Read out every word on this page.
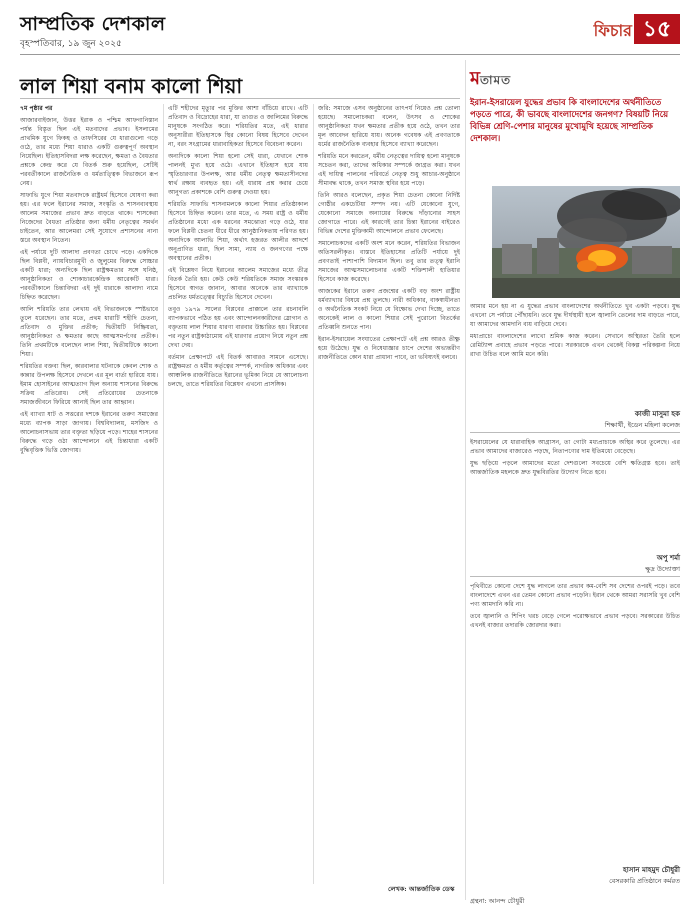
সাম্প্রতিক দেশকাল
বৃহস্পতিবার, ১৯ জুন ২০২৫
ফিচার ১৫
লাল শিয়া বনাম কালো শিয়া

৭ম পৃষ্ঠার পর

আজারবাইজান, উত্তর ইরাক ও পশ্চিম আফগানিস্তান পর্যন্ত বিস্তৃত ছিল এই মতবাদের প্রভাব। ইসলামের প্রাথমিক যুগে ফিকহ ও তাফসিরের যে ধারাগুলো গড়ে ওঠে, তার মধ্যে শিয়া ধারাও একটি গুরুত্বপূর্ণ অবস্থান নিয়েছিল। ইতিহাসবিদরা লক্ষ করেছেন, ক্ষমতা ও বৈধতার প্রশ্নকে কেন্দ্র করে যে বিতর্ক শুরু হয়েছিল, সেটিই পরবর্তীকালে রাজনৈতিক ও ধর্মতাত্ত্বিক বিভাজনে রূপ নেয়।

সাফাভি যুগে শিয়া মতবাদকে রাষ্ট্রধর্ম হিসেবে ঘোষণা করা হয়। এর ফলে ইরানের সমাজ, সংস্কৃতি ও শাসনব্যবস্থায় আলেম সমাজের প্রভাব দ্রুত বাড়তে থাকে। শাসকেরা নিজেদের বৈধতা প্রতিষ্ঠার জন্য ধর্মীয় নেতৃত্বের সমর্থন চাইতেন, আর আলেমরা সেই সুযোগে প্রশাসনের নানা স্তরে অবস্থান নিতেন।

এই পর্যায়ে দুটি আলাদা প্রবণতা চোখে পড়ে। একদিকে ছিল বিপ্লবী, ন্যায়বিচারমুখী ও জুলুমের বিরুদ্ধে সোচ্চার একটি ধারা; অন্যদিকে ছিল রাষ্ট্রক্ষমতার সঙ্গে ঘনিষ্ঠ, আনুষ্ঠানিকতা ও শোকাচারকেন্দ্রিক আরেকটি ধারা। পরবর্তীকালে চিন্তাবিদরা এই দুই ধারাকে আলাদা নামে চিহ্নিত করেছেন।

আলি শরিয়তি তার লেখায় এই বিভাজনকে স্পষ্টভাবে তুলে ধরেছেন। তার মতে, প্রথম ধারাটি শহীদি চেতনা, প্রতিবাদ ও মুক্তির প্রতীক; দ্বিতীয়টি নিষ্ক্রিয়তা, আনুষ্ঠানিকতা ও ক্ষমতার কাছে আত্মসমর্পণের প্রতীক। তিনি প্রথমটিকে বলেছেন লাল শিয়া, দ্বিতীয়টিকে কালো শিয়া।

শরিয়তির বক্তব্য ছিল, কারবালার ঘটনাকে কেবল শোক ও কান্নার উপলক্ষ হিসেবে দেখলে এর মূল বার্তা হারিয়ে যায়। ইমাম হোসাইনের আত্মত্যাগ ছিল অন্যায় শাসনের বিরুদ্ধে সক্রিয় প্রতিরোধ। সেই প্রতিরোধের চেতনাকে সমাজজীবনে ফিরিয়ে আনাই ছিল তার আহ্বান।

এই ব্যাখ্যা ষাট ও সত্তরের দশকে ইরানের তরুণ সমাজের মধ্যে ব্যাপক সাড়া জাগায়। বিশ্ববিদ্যালয়, মসজিদ ও আলোচনাসভায় তার বক্তৃতা ছড়িয়ে পড়ে। শাহের শাসনের বিরুদ্ধে গড়ে ওঠা আন্দোলনে এই চিন্তাধারা একটি বুদ্ধিবৃত্তিক ভিত্তি জোগায়।

এটি শহীদের মৃত্যুর পর মুক্তির আশা বাঁচিয়ে রাখে। এটি প্রতিবাদ ও বিদ্রোহের ধারা, যা তাগুত ও জালিমের বিরুদ্ধে মানুষকে সংগঠিত করে। শরিয়তির মতে, এই ধারার অনুসারীরা ইতিহাসকে স্থির কোনো বিষয় হিসেবে দেখেন না, বরং সংগ্রামের ধারাবাহিকতা হিসেবে বিবেচনা করেন।

অন্যদিকে কালো শিয়া হলো সেই ধারা, যেখানে শোক পালনই মুখ্য হয়ে ওঠে। এখানে ইতিহাস হয়ে যায় স্মৃতিচারণার উপলক্ষ, আর ধর্মীয় নেতৃত্ব ক্ষমতাসীনদের স্বার্থ রক্ষায় ব্যবহৃত হয়। এই ধারায় প্রশ্ন করার চেয়ে আনুগত্য প্রকাশকে বেশি গুরুত্ব দেওয়া হয়।

শরিয়তি সাফাভি শাসনামলকে কালো শিয়ার প্রতিষ্ঠাকাল হিসেবে চিহ্নিত করেন। তার মতে, এ সময় রাষ্ট্র ও ধর্মীয় প্রতিষ্ঠানের মধ্যে এক ধরনের সমঝোতা গড়ে ওঠে, যার ফলে বিপ্লবী চেতনা ধীরে ধীরে আনুষ্ঠানিকতায় পরিণত হয়। অন্যদিকে আলাভি শিয়া, অর্থাৎ হজরত আলীর আদর্শে অনুপ্রাণিত ধারা, ছিল সাম্য, ন্যায় ও জনগণের পক্ষে অবস্থানের প্রতীক।

এই বিশ্লেষণ নিয়ে ইরানের আলেম সমাজের মধ্যে তীব্র বিতর্ক তৈরি হয়। কেউ কেউ শরিয়তিকে সমাজ সংস্কারক হিসেবে স্বাগত জানান, আবার অনেকে তার ব্যাখ্যাকে প্রচলিত ধর্মতত্ত্বের বিচ্যুতি হিসেবে দেখেন।

তবুও ১৯৭৯ সালের বিপ্লবের প্রাক্কালে তার রচনাবলি ব্যাপকভাবে পঠিত হয় এবং আন্দোলনকারীদের স্লোগান ও বক্তৃতায় লাল শিয়ার ধারণা বারবার উচ্চারিত হয়। বিপ্লবের পর নতুন রাষ্ট্রকাঠামোয় এই ধারণার প্রয়োগ নিয়ে নতুন প্রশ্ন দেখা দেয়।

বর্তমান প্রেক্ষাপটে এই বিতর্ক আবারও সামনে এসেছে। রাষ্ট্রক্ষমতা ও ধর্মীয় কর্তৃত্বের সম্পর্ক, নাগরিক অধিকার এবং আঞ্চলিক রাজনীতিতে ইরানের ভূমিকা নিয়ে যে আলোচনা চলছে, তাতে শরিয়তির বিশ্লেষণ এখনো প্রাসঙ্গিক।

জরি: সমাজে এসব অনুষ্ঠানের তাৎপর্য নিয়েও প্রশ্ন তোলা হয়েছে। সমালোচকরা বলেন, উৎসব ও শোকের আনুষ্ঠানিকতা যখন ক্ষমতার প্রতীক হয়ে ওঠে, তখন তার মূল আবেদন হারিয়ে যায়। অনেক গবেষক এই প্রবণতাকে ধর্মের রাজনৈতিক ব্যবহার হিসেবে ব্যাখ্যা করেছেন।

শরিয়তি মনে করতেন, ধর্মীয় নেতৃত্বের দায়িত্ব হলো মানুষকে সচেতন করা, তাদের অধিকার সম্পর্কে জাগ্রত করা। যখন এই দায়িত্ব পালনের পরিবর্তে নেতৃত্ব শুধু আচার-অনুষ্ঠানে সীমাবদ্ধ থাকে, তখন সমাজ স্থবির হয়ে পড়ে।

তিনি আরও বলেছেন, প্রকৃত শিয়া চেতনা কোনো নির্দিষ্ট গোষ্ঠীর একচেটিয়া সম্পদ নয়। এটি যেকোনো যুগে, যেকোনো সমাজে অন্যায়ের বিরুদ্ধে দাঁড়ানোর সাহস জোগাতে পারে। এই কারণেই তার চিন্তা ইরানের বাইরেও বিভিন্ন দেশের মুক্তিকামী আন্দোলনে প্রভাব ফেলেছে।

সমালোচকদের একটি অংশ মনে করেন, শরিয়তির বিভাজন অতিসরলীকৃত। বাস্তবে ইতিহাসের প্রতিটি পর্যায়ে দুই প্রবণতাই পাশাপাশি বিদ্যমান ছিল। তবু তার তত্ত্ব ইরানি সমাজের আত্মসমালোচনার একটি শক্তিশালী হাতিয়ার হিসেবে কাজ করেছে।

আজকের ইরানে তরুণ প্রজন্মের একটি বড় অংশ রাষ্ট্রীয় ধর্মব্যাখ্যার বিষয়ে প্রশ্ন তুলছে। নারী অধিকার, বাকস্বাধীনতা ও অর্থনৈতিক সংকট নিয়ে যে বিক্ষোভ দেখা দিচ্ছে, তাতে অনেকেই লাল ও কালো শিয়ার সেই পুরোনো বিতর্কের প্রতিধ্বনি শুনতে পান।

ইরান-ইসরায়েল সংঘাতের প্রেক্ষাপটে এই প্রশ্ন আরও তীক্ষ্ণ হয়ে উঠেছে। যুদ্ধ ও নিষেধাজ্ঞার চাপে দেশের অভ্যন্তরীণ রাজনীতিতে কোন ধারা প্রাধান্য পাবে, তা ভবিষ্যৎই বলবে।

লেখক: আন্তর্জাতিক ডেস্ক
মতামত
ইরান-ইসরায়েল যুদ্ধের প্রভাব কি বাংলাদেশের অর্থনীতিতে পড়তে পারে, কী ভাবছে বাংলাদেশের জনগণ? বিষয়টি নিয়ে বিভিন্ন শ্রেণি-পেশার মানুষের মুখোমুখি হয়েছে সাম্প্রতিক দেশকাল।

আমার মনে হয় না এ যুদ্ধের প্রভাব বাংলাদেশের অর্থনীতিতে খুব একটা পড়বে। যুদ্ধ এখনো সে পর্যায়ে পৌঁছায়নি। তবে যুদ্ধ দীর্ঘস্থায়ী হলে জ্বালানি তেলের দাম বাড়তে পারে, যা আমাদের আমদানি ব্যয় বাড়িয়ে দেবে।

মধ্যপ্রাচ্যে বাংলাদেশের লাখো শ্রমিক কাজ করেন। সেখানে অস্থিরতা তৈরি হলে রেমিট্যান্স প্রবাহে প্রভাব পড়তে পারে। সরকারকে এখন থেকেই বিকল্প পরিকল্পনা নিয়ে রাখা উচিত বলে আমি মনে করি।

কাজী মাসুমা হক
শিক্ষার্থী, ইডেন মহিলা কলেজ

ইসরায়েলের যে ধারাবাহিক আগ্রাসন, তা গোটা মধ্যপ্রাচ্যকে অস্থির করে তুলেছে। এর প্রভাব আমাদের বাজারেও পড়ছে, নিত্যপণ্যের দাম ইতিমধ্যে বেড়েছে।

যুদ্ধ ছড়িয়ে পড়লে আমাদের মতো দেশগুলো সবচেয়ে বেশি ক্ষতিগ্রস্ত হবে। তাই আন্তর্জাতিক মহলকে দ্রুত যুদ্ধবিরতির উদ্যোগ নিতে হবে।

অপু শর্মা
ক্ষুদ্র উদ্যোক্তা

পৃথিবীতে কোনো দেশে যুদ্ধ লাগলে তার প্রভাব কম-বেশি সব দেশের ওপরই পড়ে। তবে বাংলাদেশে এখন এর তেমন কোনো প্রভাব পড়েনি। ইরান থেকে আমরা সরাসরি খুব বেশি পণ্য আমদানি করি না।

তবে জ্বালানি ও শিপিং খরচ বেড়ে গেলে পরোক্ষভাবে প্রভাব পড়বে। সরকারের উচিত এখনই বাজার তদারকি জোরদার করা।

হাসান মাহমুদ চৌধুরী
বেসরকারি প্রতিষ্ঠানে কর্মরত
গ্রন্থনা: আনন্দ চৌধুরী
